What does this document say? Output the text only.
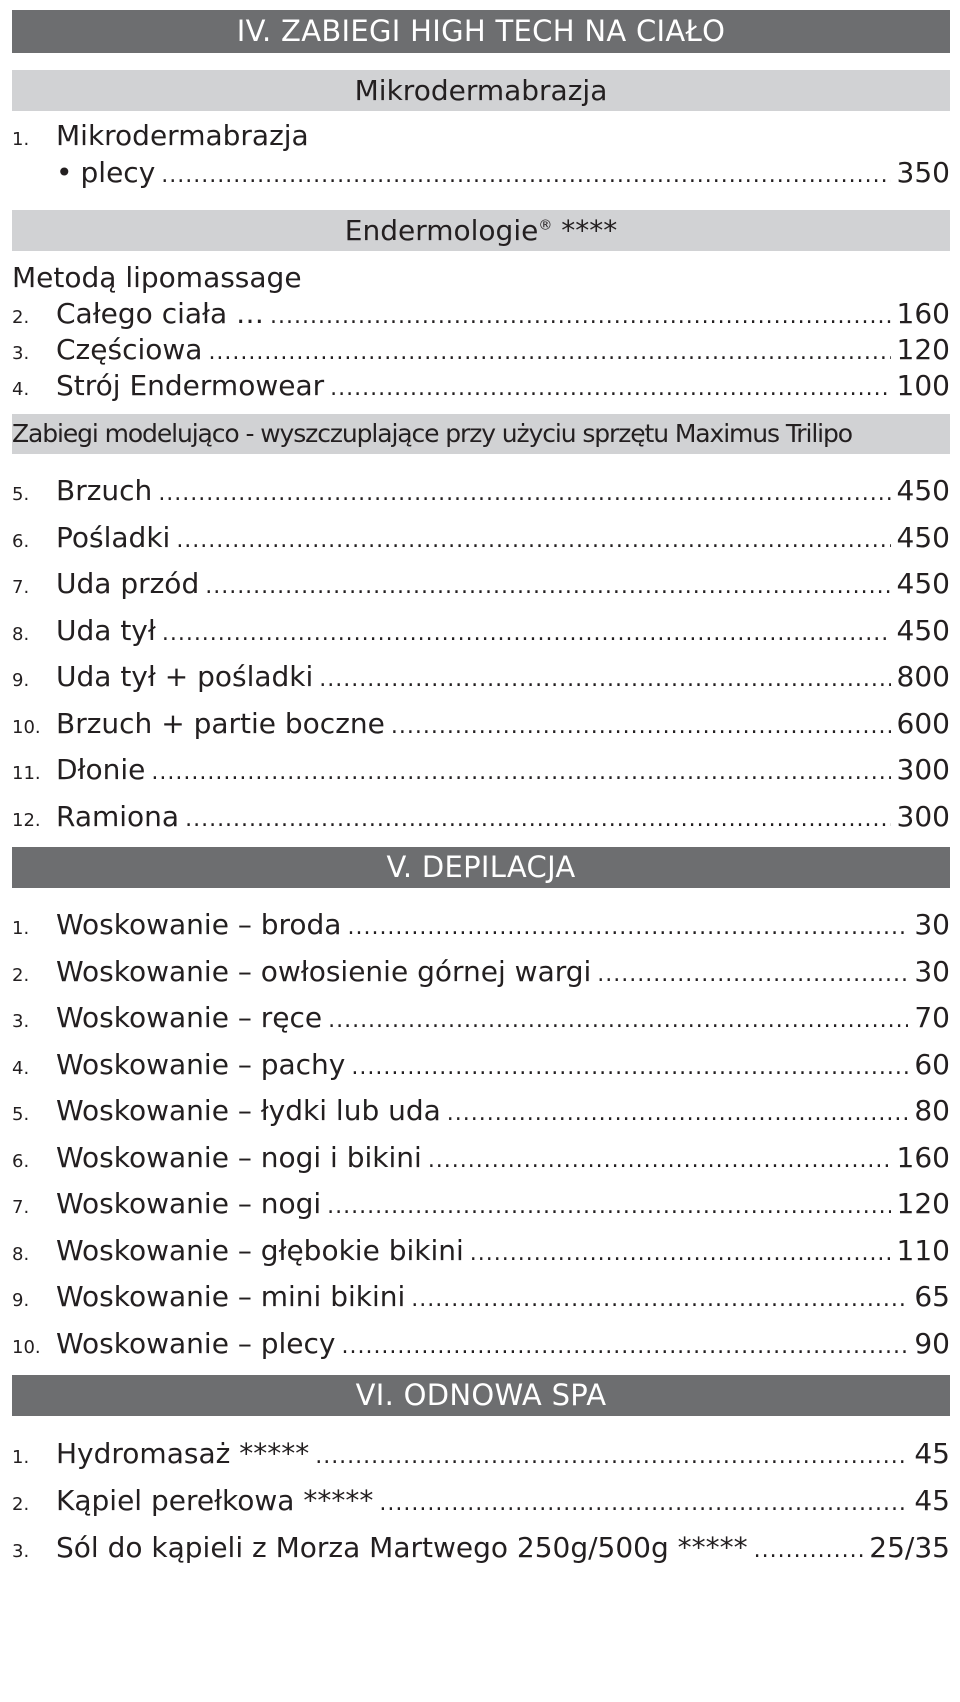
IV. ZABIEGI HIGH TECH NA CIAŁO
Mikrodermabrazja
1. Mikrodermabrazja
• plecy .....	350
Endermologie® ****
Metodą lipomassage
2. Całego ciała … .....	160
3. Częściowa .....	120
4. Strój Endermowear .....	100
Zabiegi modelująco - wyszczuplające przy użyciu sprzętu Maximus Trilipo
5. Brzuch .....	450
6. Pośladki .....	450
7. Uda przód .....	450
8. Uda tył .....	450
9. Uda tył + pośladki .....	800
10. Brzuch + partie boczne .....	600
11. Dłonie .....	300
12. Ramiona .....	300
V. DEPILACJA
1. Woskowanie – broda .....	30
2. Woskowanie – owłosienie górnej wargi .....	30
3. Woskowanie – ręce .....	70
4. Woskowanie – pachy .....	60
5. Woskowanie – łydki lub uda .....	80
6. Woskowanie – nogi i bikini .....	160
7. Woskowanie – nogi .....	120
8. Woskowanie – głębokie bikini .....	110
9. Woskowanie – mini bikini .....	65
10. Woskowanie – plecy .....	90
VI. ODNOWA SPA
1. Hydromasaż ***** .....	45
2. Kąpiel perełkowa ***** .....	45
3. Sól do kąpieli z Morza Martwego 250g/500g ***** .....	25/35
